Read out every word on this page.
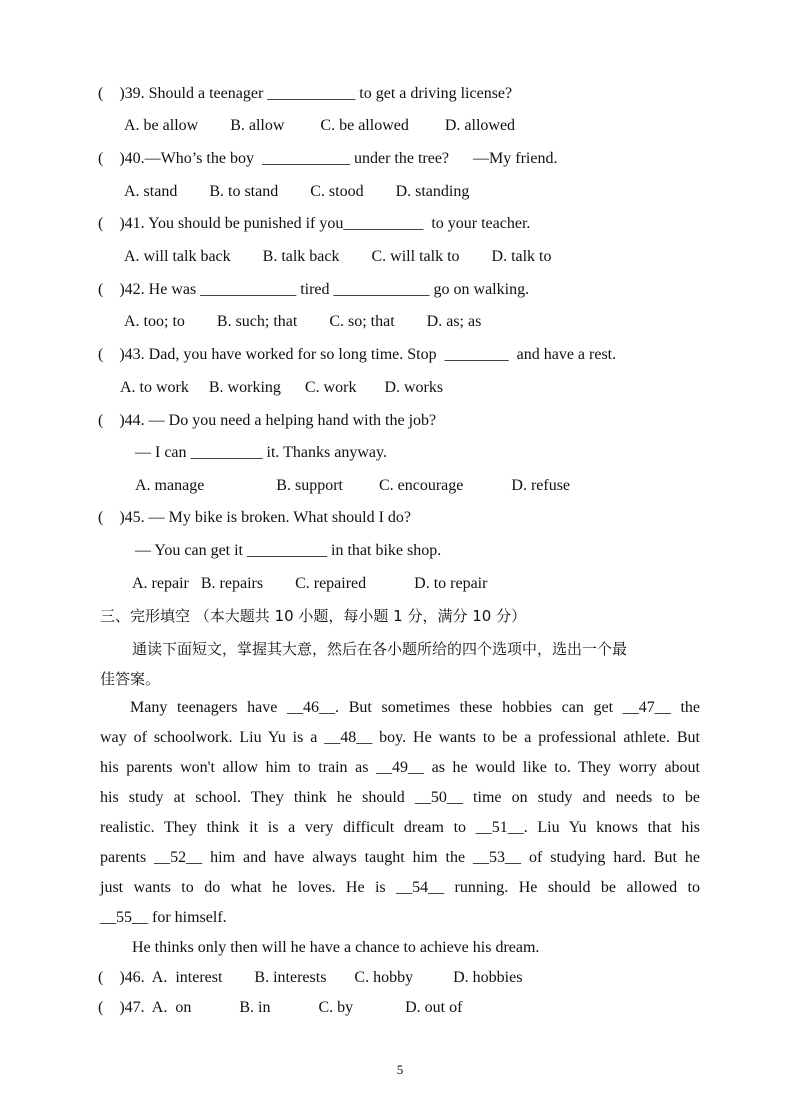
(    )39. Should a teenager ___________ to get a driving license?
A. be allow        B. allow         C. be allowed         D. allowed
(    )40.—Who’s the boy  ___________ under the tree?      —My friend.
A. stand        B. to stand        C. stood        D. standing
(    )41. You should be punished if you__________  to your teacher.
A. will talk back        B. talk back        C. will talk to        D. talk to
(    )42. He was ____________ tired ____________ go on walking.
A. too; to        B. such; that        C. so; that        D. as; as
(    )43. Dad, you have worked for so long time. Stop  ________  and have a rest.
A. to work     B. working      C. work       D. works
(    )44. — Do you need a helping hand with the job?
— I can _________ it. Thanks anyway.
A. manage                  B. support         C. encourage            D. refuse
(    )45. — My bike is broken. What should I do?
— You can get it __________ in that bike shop.
A. repair   B. repairs        C. repaired            D. to repair
三、完形填空 （本大题共 10 小题，每小题 1 分，满分 10 分）
通读下面短文，掌握其大意，然后在各小题所给的四个选项中，选出一个最
佳答案。
Many teenagers have __46__. But sometimes these hobbies can get __47__ the
way of schoolwork. Liu Yu is a __48__ boy. He wants to be a professional athlete. But
his parents won't allow him to train as __49__ as he would like to. They worry about
his study at school. They think he should __50__ time on study and needs to be
realistic. They think it is a very difficult dream to __51__. Liu Yu knows that his
parents __52__ him and have always taught him the __53__ of studying hard. But he
just wants to do what he loves. He is __54__ running. He should be allowed to
__55__ for himself.
He thinks only then will he have a chance to achieve his dream.
(    )46.  A.  interest        B. interests       C. hobby          D. hobbies
(    )47.  A.  on            B. in            C. by             D. out of
5
